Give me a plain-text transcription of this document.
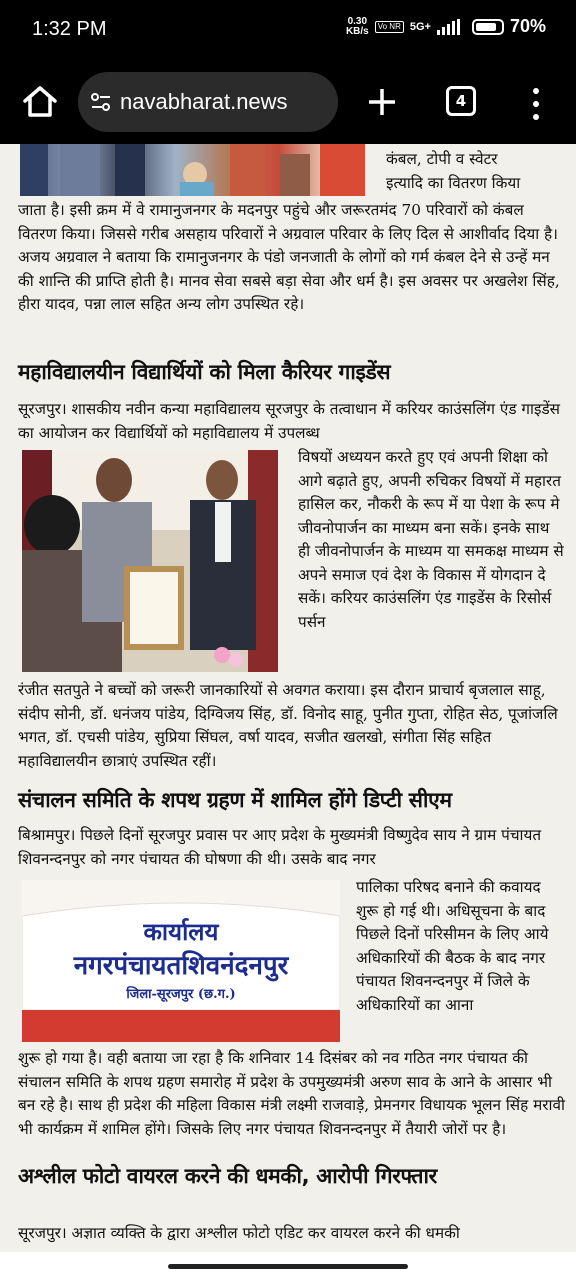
1:32 PM	0.30
KB/s	Vo NR 5G+	70%
navabharat.news	4
कंबल, टोपी व स्वेटर
इत्यादि का वितरण किया
जाता है। इसी क्रम में वे रामानुजनगर के मदनपुर पहुंचे और जरूरतमंद 70 परिवारों को कंबल वितरण किया। जिससे गरीब असहाय परिवारों ने अग्रवाल परिवार के लिए दिल से आशीर्वाद दिया है। अजय अग्रवाल ने बताया कि रामानुजनगर के पंडो जनजाती के लोगों को गर्म कंबल देने से उन्हें मन की शान्ति की प्राप्ति होती है। मानव सेवा सबसे बड़ा सेवा और धर्म है। इस अवसर पर अखलेश सिंह, हीरा यादव, पन्ना लाल सहित अन्य लोग उपस्थित रहे।
महाविद्यालयीन विद्यार्थियों को मिला कैरियर गाइडेंस
सूरजपुर। शासकीय नवीन कन्या महाविद्यालय सूरजपुर के तत्वाधान में करियर काउंसलिंग एंड गाइडेंस का आयोजन कर विद्यार्थियों को महाविद्यालय में उपलब्ध
विषयों अध्ययन करते हुए एवं अपनी शिक्षा को आगे बढ़ाते हुए, अपनी रुचिकर विषयों में महारत हासिल कर, नौकरी के रूप में या पेशा के रूप मे जीवनोपार्जन का माध्यम बना सकें। इनके साथ ही जीवनोपार्जन के माध्यम या समकक्ष माध्यम से अपने समाज एवं देश के विकास में योगदान दे सकें। करियर काउंसलिंग एंड गाइडेंस के रिसोर्स पर्सन
रंजीत सतपुते ने बच्चों को जरूरी जानकारियों से अवगत कराया। इस दौरान प्राचार्य बृजलाल साहू, संदीप सोनी, डॉ. धनंजय पांडेय, दिग्विजय सिंह, डॉ. विनोद साहू, पुनीत गुप्ता, रोहित सेठ, पूजांजलि भगत, डॉ. एचसी पांडेय, सुप्रिया सिंघल, वर्षा यादव, सजीत खलखो, संगीता सिंह सहित महाविद्यालयीन छात्राएं उपस्थित रहीं।
संचालन समिति के शपथ ग्रहण में शामिल होंगे डिप्टी सीएम
बिश्रामपुर। पिछले दिनों सूरजपुर प्रवास पर आए प्रदेश के मुख्यमंत्री विष्णुदेव साय ने ग्राम पंचायत शिवनन्दनपुर को नगर पंचायत की घोषणा की थी। उसके बाद नगर
कार्यालय
नगरपंचायतशिवनंदनपुर
जिला-सूरजपुर (छ.ग.)
पालिका परिषद बनाने की कवायद शुरू हो गई थी। अधिसूचना के बाद पिछले दिनों परिसीमन के लिए आये अधिकारियों की बैठक के बाद नगर पंचायत शिवनन्दनपुर में जिले के अधिकारियों का आना
शुरू हो गया है। वही बताया जा रहा है कि शनिवार 14 दिसंबर को नव गठित नगर पंचायत की संचालन समिति के शपथ ग्रहण समारोह में प्रदेश के उपमुख्यमंत्री अरुण साव के आने के आसार भी बन रहे है। साथ ही प्रदेश की महिला विकास मंत्री लक्ष्मी राजवाड़े, प्रेमनगर विधायक भूलन सिंह मरावी भी कार्यक्रम में शामिल होंगे। जिसके लिए नगर पंचायत शिवनन्दनपुर में तैयारी जोरों पर है।
अश्लील फोटो वायरल करने की धमकी, आरोपी गिरफ्तार
सूरजपुर। अज्ञात व्यक्ति के द्वारा अश्लील फोटो एडिट कर वायरल करने की धमकी
